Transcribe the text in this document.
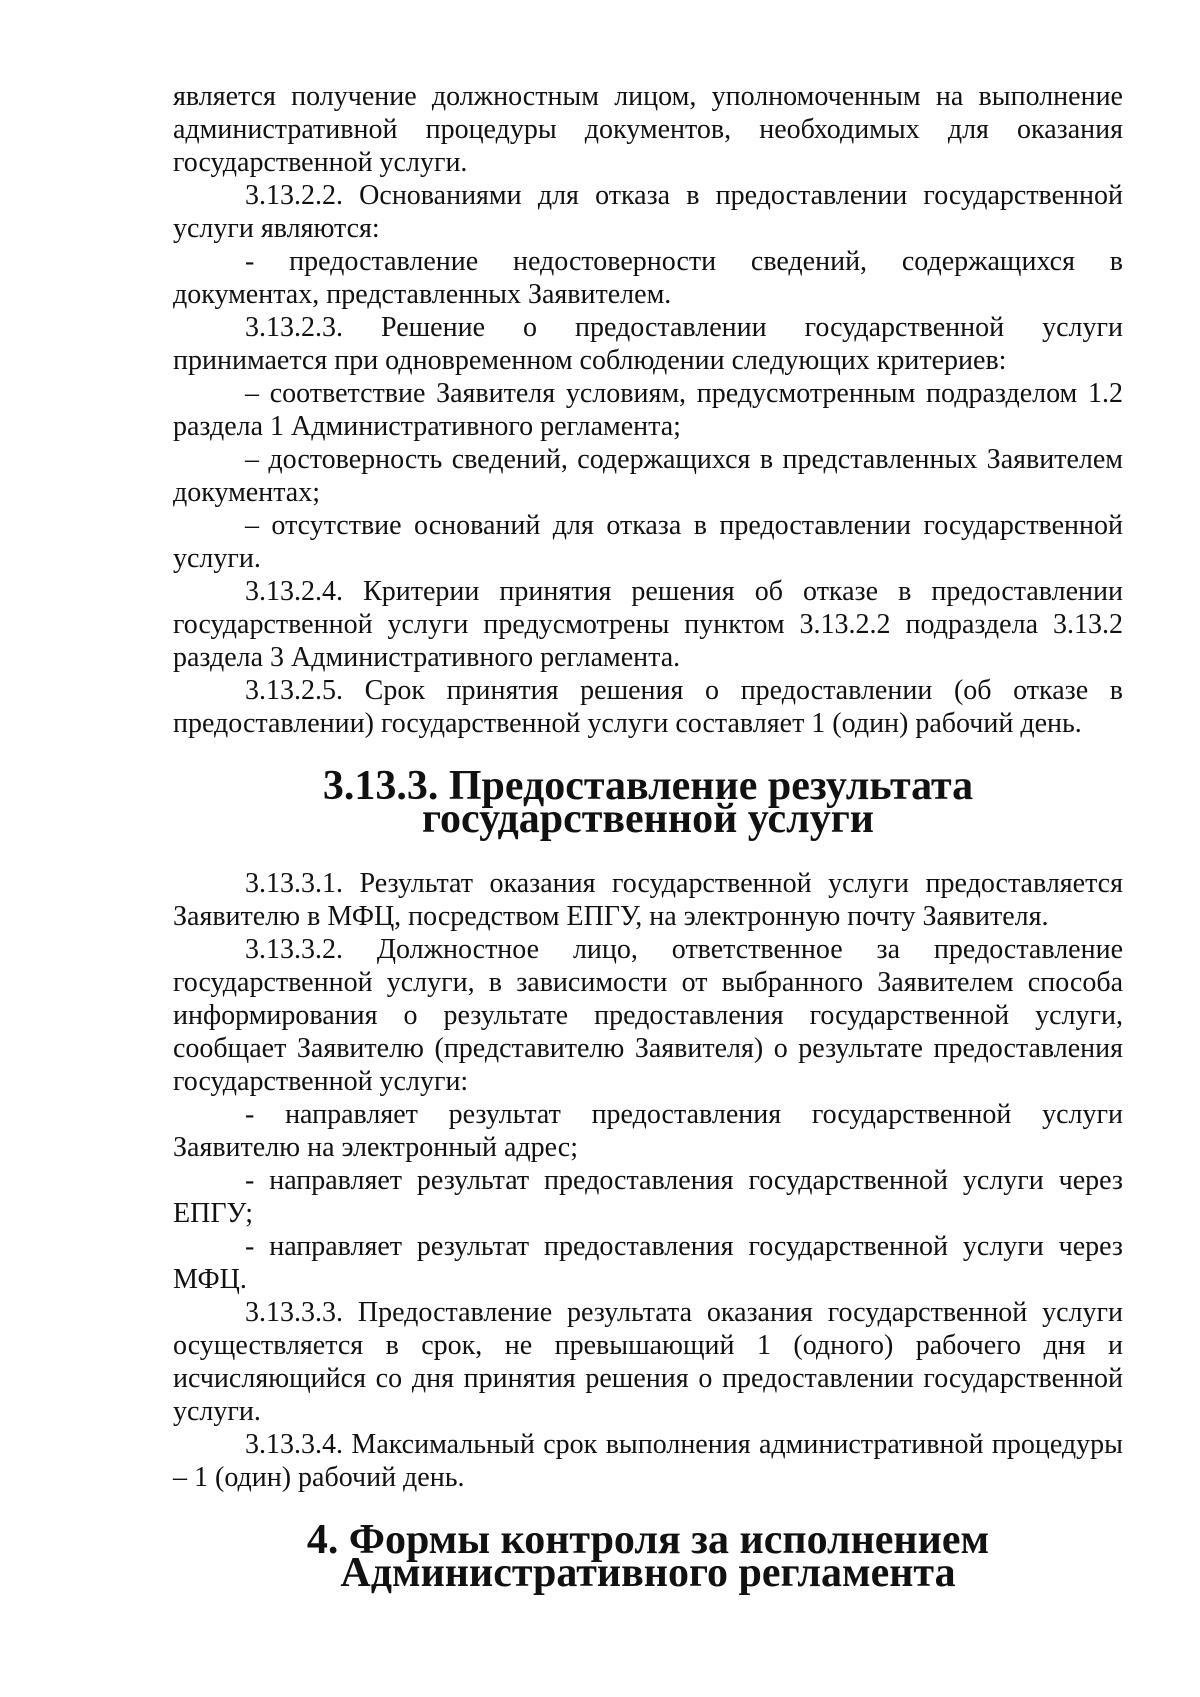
является получение должностным лицом, уполномоченным на выполнение административной процедуры документов, необходимых для оказания государственной услуги.

3.13.2.2. Основаниями для отказа в предоставлении государственной услуги являются:

- предоставление недостоверности сведений, содержащихся в документах, представленных Заявителем.

3.13.2.3. Решение о предоставлении государственной услуги принимается при одновременном соблюдении следующих критериев:

– соответствие Заявителя условиям, предусмотренным подразделом 1.2 раздела 1 Административного регламента;

– достоверность сведений, содержащихся в представленных Заявителем документах;

– отсутствие оснований для отказа в предоставлении государственной услуги.

3.13.2.4. Критерии принятия решения об отказе в предоставлении государственной услуги предусмотрены пунктом 3.13.2.2 подраздела 3.13.2 раздела 3 Административного регламента.

3.13.2.5. Срок принятия решения о предоставлении (об отказе в предоставлении) государственной услуги составляет 1 (один) рабочий день.

3.13.3. Предоставление результата государственной услуги

3.13.3.1. Результат оказания государственной услуги предоставляется Заявителю в МФЦ, посредством ЕПГУ, на электронную почту Заявителя.

3.13.3.2. Должностное лицо, ответственное за предоставление государственной услуги, в зависимости от выбранного Заявителем способа информирования о результате предоставления государственной услуги, сообщает Заявителю (представителю Заявителя) о результате предоставления государственной услуги:

- направляет результат предоставления государственной услуги Заявителю на электронный адрес;

- направляет результат предоставления государственной услуги через ЕПГУ;

- направляет результат предоставления государственной услуги через МФЦ.

3.13.3.3. Предоставление результата оказания государственной услуги осуществляется в срок, не превышающий 1 (одного) рабочего дня и исчисляющийся со дня принятия решения о предоставлении государственной услуги.

3.13.3.4. Максимальный срок выполнения административной процедуры – 1 (один) рабочий день.

4. Формы контроля за исполнением Административного регламента
